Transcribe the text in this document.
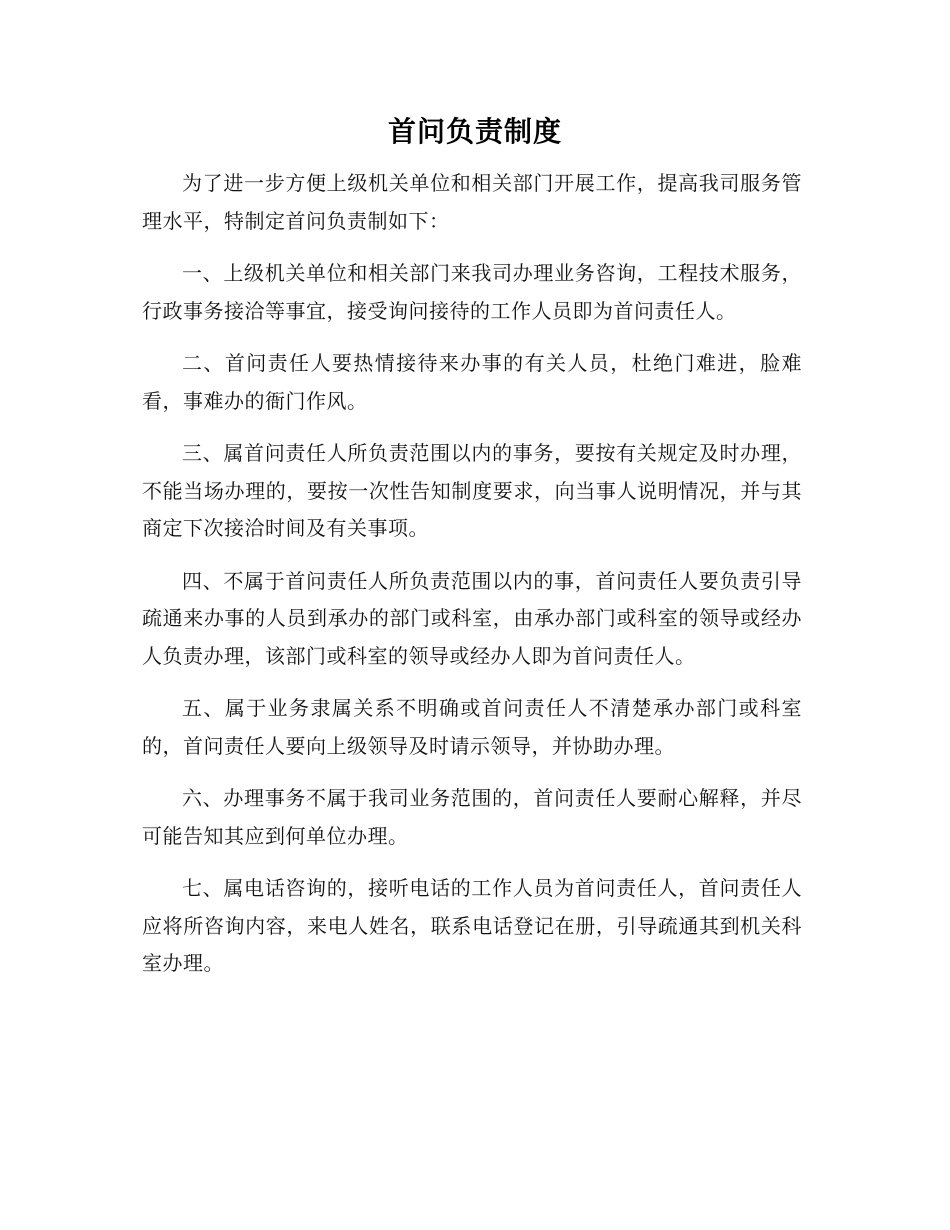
首问负责制度

为了进一步方便上级机关单位和相关部门开展工作，提高我司服务管理水平，特制定首问负责制如下：

一、上级机关单位和相关部门来我司办理业务咨询，工程技术服务，行政事务接洽等事宜，接受询问接待的工作人员即为首问责任人。

二、首问责任人要热情接待来办事的有关人员，杜绝门难进，脸难看，事难办的衙门作风。

三、属首问责任人所负责范围以内的事务，要按有关规定及时办理，不能当场办理的，要按一次性告知制度要求，向当事人说明情况，并与其商定下次接洽时间及有关事项。

四、不属于首问责任人所负责范围以内的事，首问责任人要负责引导疏通来办事的人员到承办的部门或科室，由承办部门或科室的领导或经办人负责办理，该部门或科室的领导或经办人即为首问责任人。

五、属于业务隶属关系不明确或首问责任人不清楚承办部门或科室的，首问责任人要向上级领导及时请示领导，并协助办理。

六、办理事务不属于我司业务范围的，首问责任人要耐心解释，并尽可能告知其应到何单位办理。

七、属电话咨询的，接听电话的工作人员为首问责任人，首问责任人应将所咨询内容，来电人姓名，联系电话登记在册，引导疏通其到机关科室办理。
